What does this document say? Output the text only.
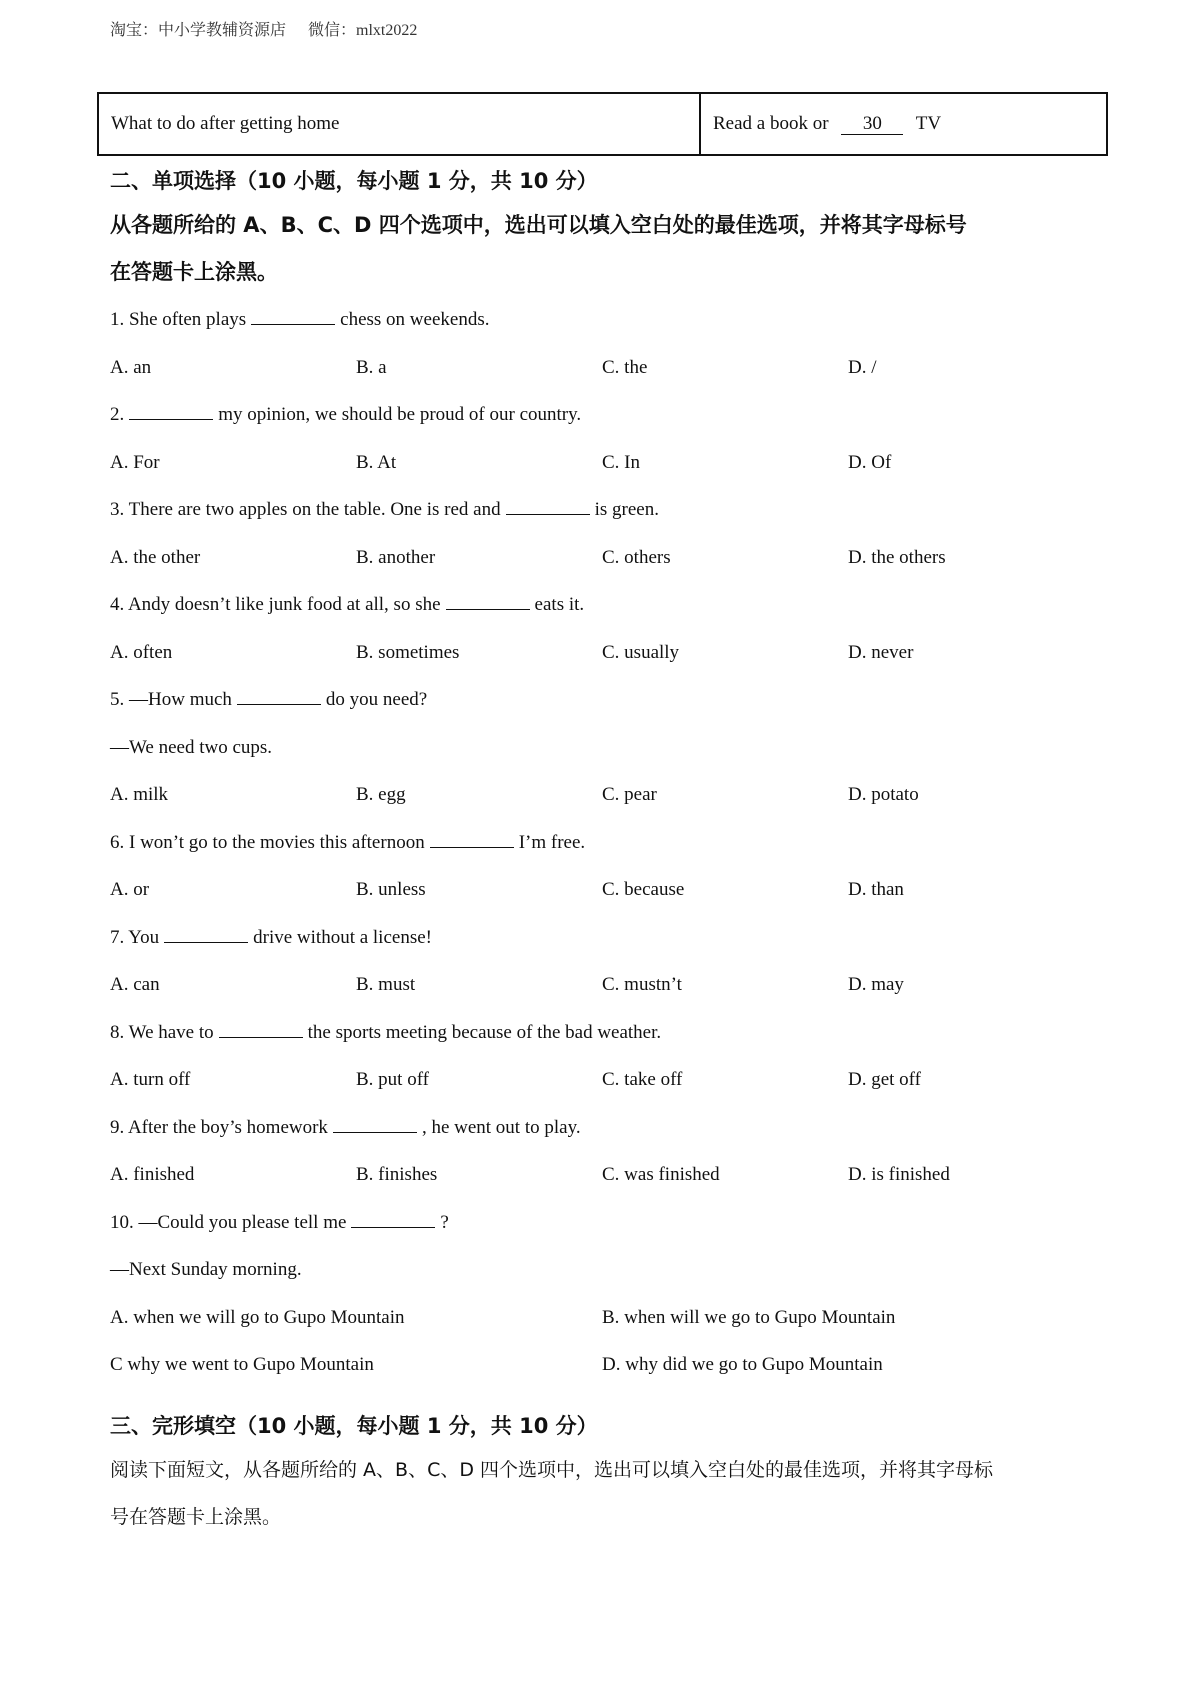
淘宝：中小学教辅资源店 微信：mlxt2022
What to do after getting home	Read a book or 30 TV
二、单项选择（10 小题，每小题 1 分，共 10 分）
从各题所给的 A、B、C、D 四个选项中，选出可以填入空白处的最佳选项，并将其字母标号
在答题卡上涂黑。
1. She often plays	chess on weekends.
A. an	B. a	C. the	D. /
2.	my opinion, we should be proud of our country.
A. For	B. At	C. In	D. Of
3. There are two apples on the table. One is red and	is green.
A. the other	B. another	C. others	D. the others
4. Andy doesn’t like junk food at all, so she	eats it.
A. often	B. sometimes	C. usually	D. never
5. —How much	do you need?
—We need two cups.
A. milk	B. egg	C. pear	D. potato
6. I won’t go to the movies this afternoon	I’m free.
A. or	B. unless	C. because	D. than
7. You	drive without a license!
A. can	B. must	C. mustn’t	D. may
8. We have to	the sports meeting because of the bad weather.
A. turn off	B. put off	C. take off	D. get off
9. After the boy’s homework	, he went out to play.
A. finished	B. finishes	C. was finished	D. is finished
10. —Could you please tell me	?
—Next Sunday morning.
A. when we will go to Gupo Mountain	B. when will we go to Gupo Mountain
C why we went to Gupo Mountain	D. why did we go to Gupo Mountain
三、完形填空（10 小题，每小题 1 分，共 10 分）
阅读下面短文，从各题所给的 A、B、C、D 四个选项中，选出可以填入空白处的最佳选项，并将其字母标
号在答题卡上涂黑。
